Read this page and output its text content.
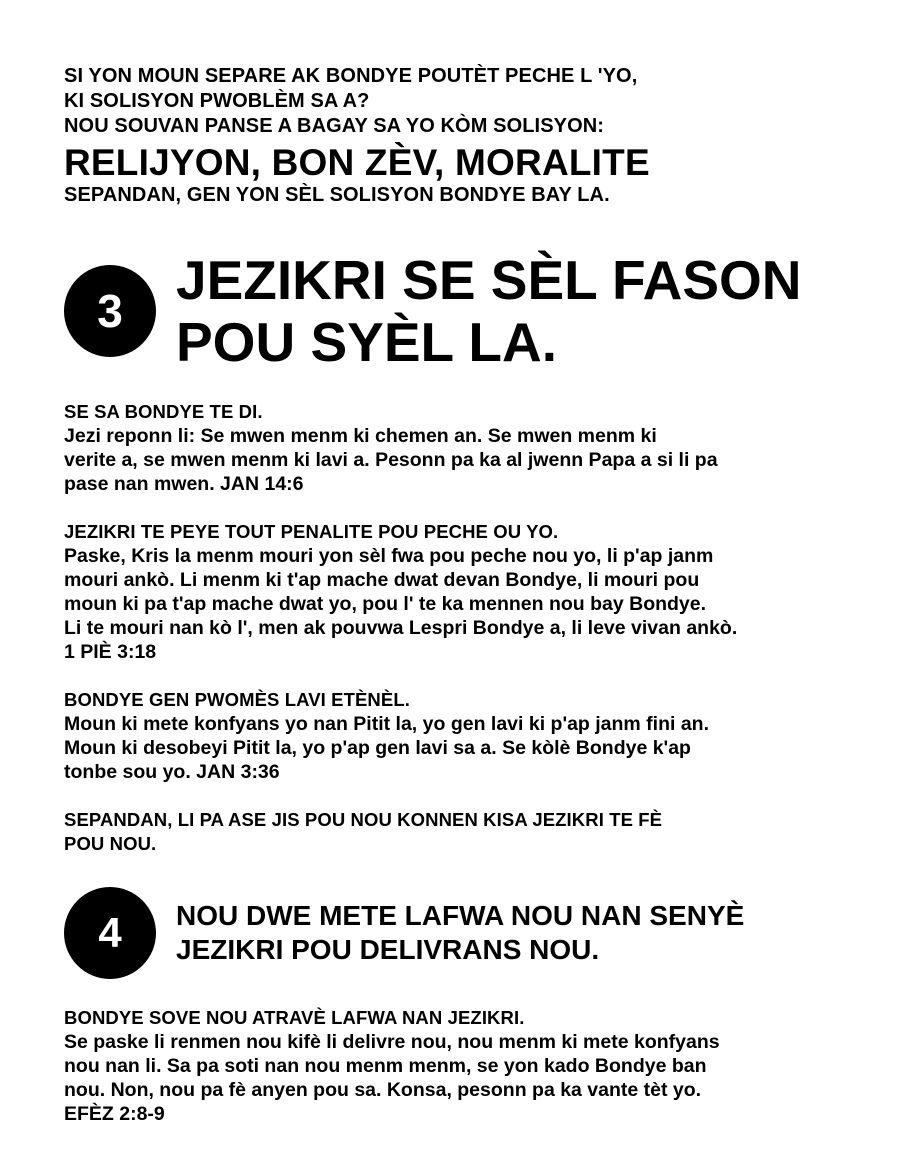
SI YON MOUN SEPARE AK BONDYE POUTÈT PECHE L 'YO,
KI SOLISYON PWOBLÈM SA A?
NOU SOUVAN PANSE A BAGAY SA YO KÒM SOLISYON:
RELIJYON, BON ZÈV, MORALITE
SEPANDAN, GEN YON SÈL SOLISYON BONDYE BAY LA.
3 JEZIKRI SE SÈL FASON
POU SYÈL LA.
SE SA BONDYE TE DI.
Jezi reponn li: Se mwen menm ki chemen an. Se mwen menm ki
verite a, se mwen menm ki lavi a. Pesonn pa ka al jwenn Papa a si li pa
pase nan mwen. JAN 14:6
JEZIKRI TE PEYE TOUT PENALITE POU PECHE OU YO.
Paske, Kris la menm mouri yon sèl fwa pou peche nou yo, li p'ap janm
mouri ankò. Li menm ki t'ap mache dwat devan Bondye, li mouri pou
moun ki pa t'ap mache dwat yo, pou l' te ka mennen nou bay Bondye.
Li te mouri nan kò l', men ak pouvwa Lespri Bondye a, li leve vivan ankò.
1 PIÈ 3:18
BONDYE GEN PWOMÈS LAVI ETÈNÈL.
Moun ki mete konfyans yo nan Pitit la, yo gen lavi ki p'ap janm fini an.
Moun ki desobeyi Pitit la, yo p'ap gen lavi sa a. Se kòlè Bondye k'ap
tonbe sou yo. JAN 3:36
SEPANDAN, LI PA ASE JIS POU NOU KONNEN KISA JEZIKRI TE FÈ
POU NOU.
4	NOU DWE METE LAFWA NOU NAN SENYÈ
JEZIKRI POU DELIVRANS NOU.
BONDYE SOVE NOU ATRAVÈ LAFWA NAN JEZIKRI.
Se paske li renmen nou kifè li delivre nou, nou menm ki mete konfyans
nou nan li. Sa pa soti nan nou menm menm, se yon kado Bondye ban
nou. Non, nou pa fè anyen pou sa. Konsa, pesonn pa ka vante tèt yo.
EFÈZ 2:8-9
